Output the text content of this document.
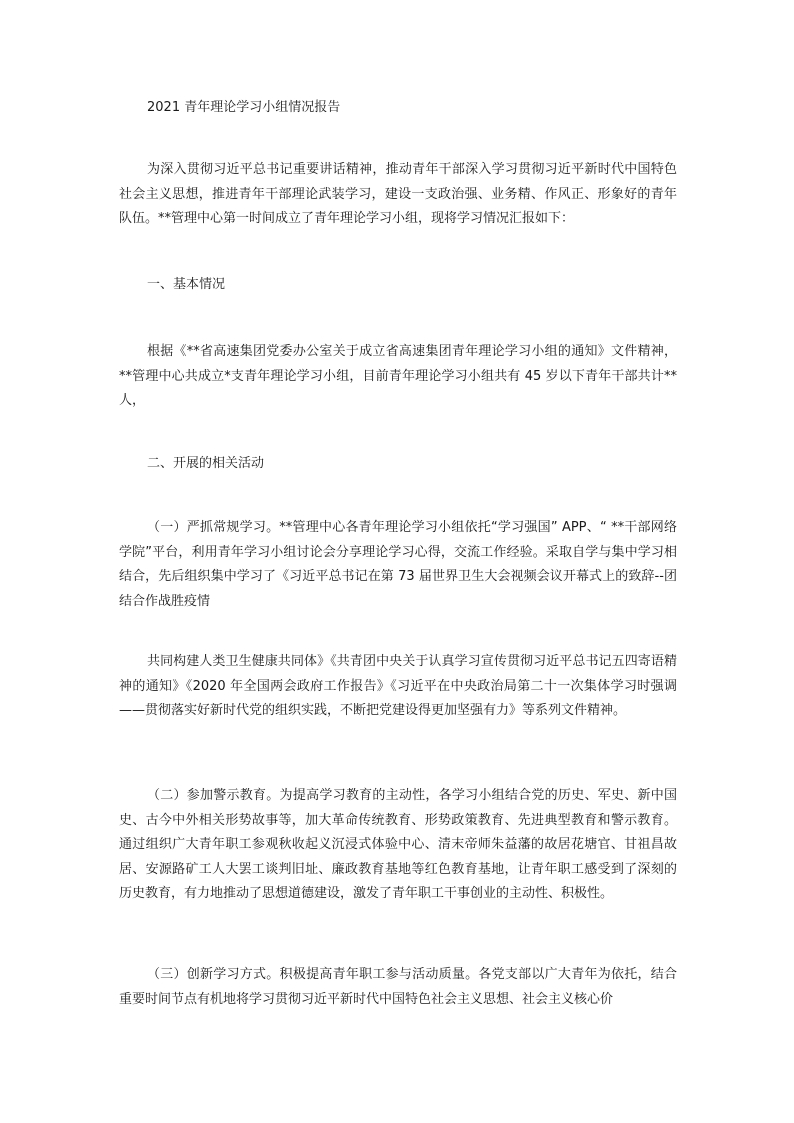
2021 青年理论学习小组情况报告

为深入贯彻习近平总书记重要讲话精神，推动青年干部深入学习贯彻习近平新时代中国特色社会主义思想，推进青年干部理论武装学习，建设一支政治强、业务精、作风正、形象好的青年队伍。**管理中心第一时间成立了青年理论学习小组，现将学习情况汇报如下：

一、基本情况

根据《**省高速集团党委办公室关于成立省高速集团青年理论学习小组的通知》文件精神，**管理中心共成立*支青年理论学习小组，目前青年理论学习小组共有 45 岁以下青年干部共计**人，

二、开展的相关活动

（一）严抓常规学习。**管理中心各青年理论学习小组依托“学习强国” APP、“ **干部网络学院”平台，利用青年学习小组讨论会分享理论学习心得，交流工作经验。采取自学与集中学习相结合，先后组织集中学习了《习近平总书记在第 73 届世界卫生大会视频会议开幕式上的致辞--团结合作战胜疫情

共同构建人类卫生健康共同体》《共青团中央关于认真学习宣传贯彻习近平总书记五四寄语精神的通知》《2020 年全国两会政府工作报告》《习近平在中央政治局第二十一次集体学习时强调——贯彻落实好新时代党的组织实践，不断把党建设得更加坚强有力》等系列文件精神。

（二）参加警示教育。为提高学习教育的主动性，各学习小组结合党的历史、军史、新中国史、古今中外相关形势故事等，加大革命传统教育、形势政策教育、先进典型教育和警示教育。通过组织广大青年职工参观秋收起义沉浸式体验中心、清末帝师朱益藩的故居花塘官、甘祖昌故居、安源路矿工人大罢工谈判旧址、廉政教育基地等红色教育基地，让青年职工感受到了深刻的历史教育，有力地推动了思想道德建设，激发了青年职工干事创业的主动性、积极性。

（三）创新学习方式。积极提高青年职工参与活动质量。各党支部以广大青年为依托，结合重要时间节点有机地将学习贯彻习近平新时代中国特色社会主义思想、社会主义核心价
